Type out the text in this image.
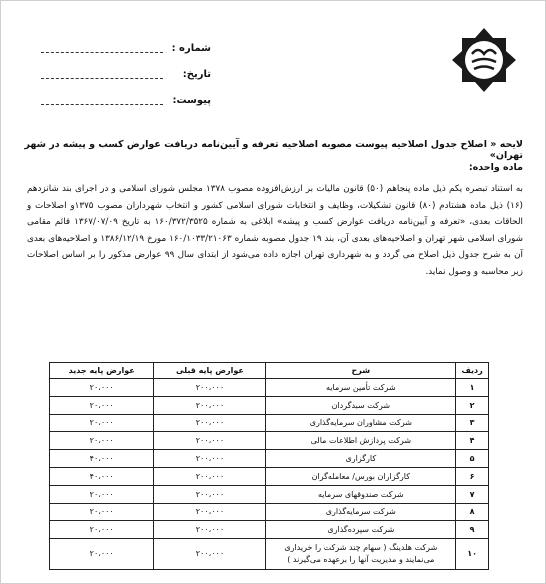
شماره :
تاریخ:
پیوست:
لایحه « اصلاح جدول اصلاحیه پیوست مصوبه اصلاحیه تعرفه و آیین‌نامه دریافت عوارض کسب و پیشه در شهر تهران»
ماده واحده:
به استناد تبصره یکم ذیل ماده پنجاهم (۵۰) قانون مالیات بر ارزش‌افزوده مصوب ۱۳۷۸ مجلس شورای اسلامی و در اجرای بند شانزدهم (۱۶) ذیل ماده هشتادم (۸۰) قانون تشکیلات، وظایف و انتخابات شورای اسلامی کشور و انتخاب شهرداران مصوب ۱۳۷۵و اصلاحات و الحاقات بعدی، «تعرفه و آیین‌نامه دریافت عوارض کسب و پیشه» ابلاغی به شماره ۱۶۰/۳۷۲/۳۵۲۵ به تاریخ ۱۳۶۷/۰۷/۰۹ قائم مقامی شورای اسلامی شهر تهران و اصلاحیه‌های بعدی آن، بند ۱۹ جدول مصوبه شماره ۱۶۰/۱۰۳۳/۲۱۰۶۳ مورخ ۱۳۸۶/۱۲/۱۹ و اصلاحیه‌های بعدی آن به شرح جدول ذیل اصلاح می گردد و به شهرداری تهران اجازه داده می‌شود از ابتدای سال ۹۹ عوارض مذکور را بر اساس اصلاحات زیر محاسبه و وصول نماید.
ردیف	شرح	عوارض پایه قبلی	عوارض پایه جدید
۱	شرکت تأمین سرمایه	۲۰۰،۰۰۰	۲۰،۰۰۰
۲	شرکت سبدگردان	۲۰۰،۰۰۰	۲۰،۰۰۰
۳	شرکت مشاوران سرمایه‌گذاری	۲۰۰،۰۰۰	۲۰،۰۰۰
۴	شرکت پردازش اطلاعات مالی	۲۰۰،۰۰۰	۲۰،۰۰۰
۵	کارگزاری	۲۰۰،۰۰۰	۴۰،۰۰۰
۶	کارگزاران بورس/ معامله‌گران	۲۰۰،۰۰۰	۴۰،۰۰۰
۷	شرکت صندوقهای سرمایه	۲۰۰،۰۰۰	۲۰،۰۰۰
۸	شرکت سرمایه‌گذاری	۲۰۰،۰۰۰	۲۰،۰۰۰
۹	شرکت سپرده‌گذاری	۲۰۰،۰۰۰	۲۰،۰۰۰
۱۰	شرکت هلدینگ ( سهام چند شرکت را خریداری می‌نمایند و مدیریت آنها را برعهده می‌گیرند )	۲۰۰،۰۰۰	۲۰،۰۰۰
